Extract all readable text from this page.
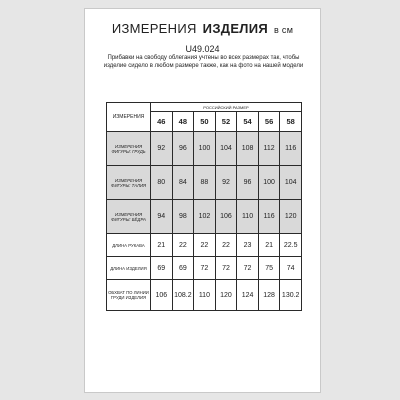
ИЗМЕРЕНИЯ ИЗДЕЛИЯ в см
U49.024
Прибавки на свободу облегания учтены во всех размерах так, чтобы изделие сидело в любом размере также, как на фото на нашей модели
ИЗМЕРЕНИЯ	РОССИЙСКИЙ РАЗМЕР						
	46	48	50	52	54	56	58
ИЗМЕРЕНИЯ ФИГУРЫ: ГРУДЬ	92	96	100	104	108	112	116
ИЗМЕРЕНИЯ ФИГУРЫ: ТАЛИЯ	80	84	88	92	96	100	104
ИЗМЕРЕНИЯ ФИГУРЫ: БЁДРА	94	98	102	106	110	116	120
ДЛИНА РУКАВА	21	22	22	22	23	21	22.5
ДЛИНА ИЗДЕЛИЯ	69	69	72	72	72	75	74
ОБХВАТ ПО ЛИНИИ ГРУДИ ИЗДЕЛИЯ	106	108.2	110	120	124	128	130.2
